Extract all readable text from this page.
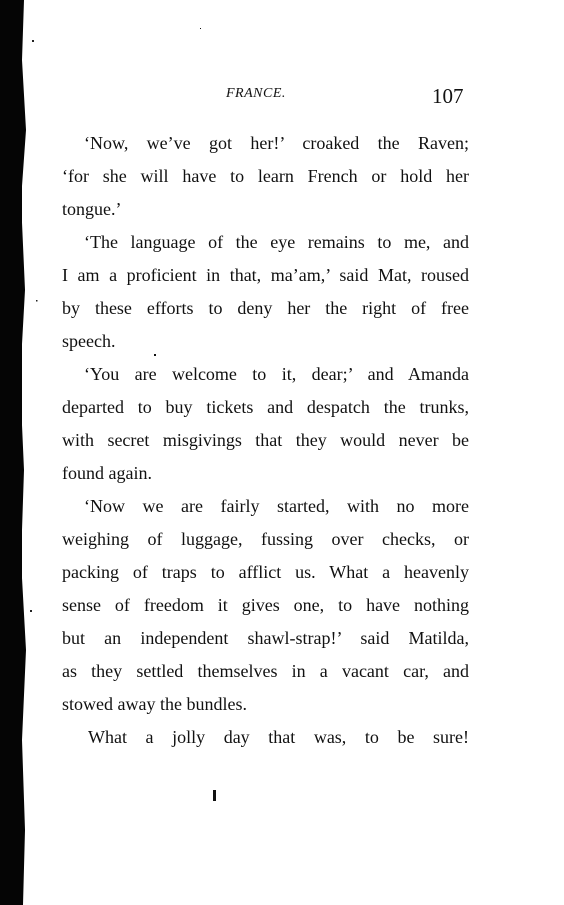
FRANCE.	107
‘Now, we’ve got her!’ croaked the Raven;
‘for she will have to learn French or hold her
tongue.’
‘The language of the eye remains to me, and
I am a proficient in that, ma’am,’ said Mat, roused
by these efforts to deny her the right of free
speech.
‘You are welcome to it, dear;’ and Amanda
departed to buy tickets and despatch the trunks,
with secret misgivings that they would never be
found again.
‘Now we are fairly started, with no more
weighing of luggage, fussing over checks, or
packing of traps to afflict us. What a heavenly
sense of freedom it gives one, to have nothing
but an independent shawl-strap!’ said Matilda,
as they settled themselves in a vacant car, and
stowed away the bundles.
What a jolly day that was, to be sure!
